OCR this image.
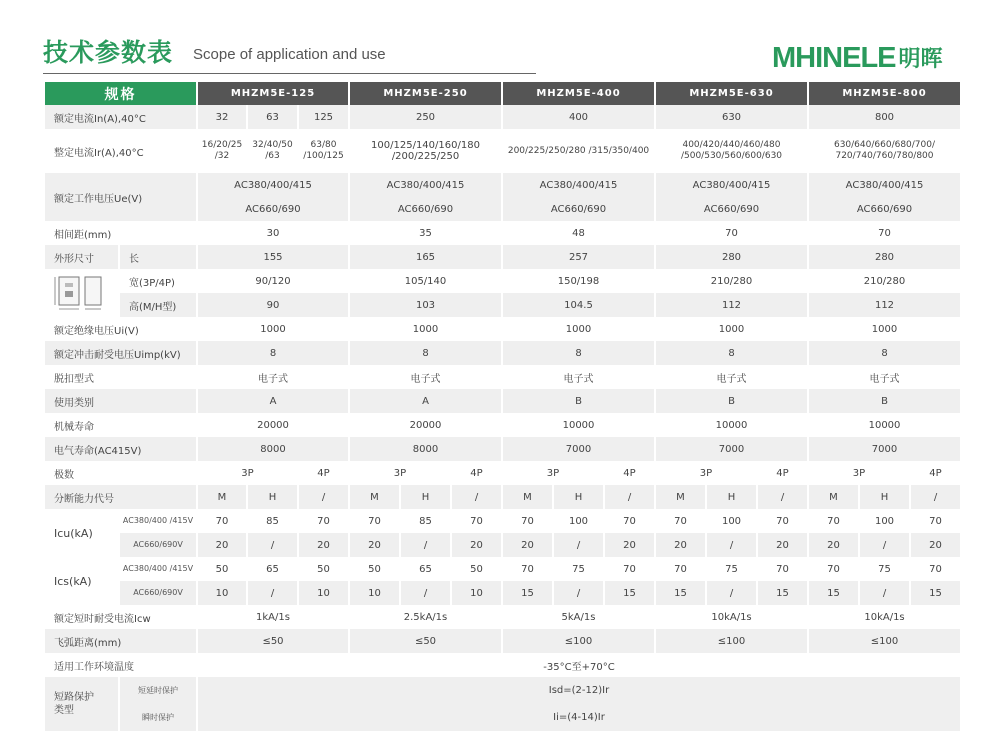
技术参数表 Scope of application and use	MHINELE 明晖
规格		MHZM5E-125			MHZM5E-250			MHZM5E-400			MHZM5E-630			MHZM5E-800		
额定电流In(A),40°C		32	63	125	250			400			630			800		
整定电流Ir(A),40°C		16/20/25 /32	32/40/50 /63	63/80 /100/125	100/125/140/160/180 /200/225/250			200/225/250/280 /315/350/400			400/420/440/460/480 /500/530/560/600/630			630/640/660/680/700/ 720/740/760/780/800		
额定工作电压Ue(V)		AC380/400/415			AC380/400/415			AC380/400/415			AC380/400/415			AC380/400/415		
		AC660/690			AC660/690			AC660/690			AC660/690			AC660/690		
相间距(mm)		30			35			48			70			70		
外形尺寸	长	155			165			257			280			280		

	宽(3P/4P)	90/120			105/140			150/198			210/280			210/280		
	高(M/H型)	90			103			104.5			112			112		
额定绝缘电压Ui(V)		1000			1000			1000			1000			1000		
额定冲击耐受电压Uimp(kV)		8			8			8			8			8		
脱扣型式		电子式			电子式			电子式			电子式			电子式		
使用类别		A			A			B			B			B		
机械寿命		20000			20000			10000			10000			10000		
电气寿命(AC415V)		8000			8000			7000			7000			7000		
极数		3P		4P	3P		4P	3P		4P	3P		4P	3P		4P
分断能力代号		M	H	/	M	H	/	M	H	/	M	H	/	M	H	/
Icu(kA)	AC380/400 /415V	70	85	70	70	85	70	70	100	70	70	100	70	70	100	70
	AC660/690V	20	/	20	20	/	20	20	/	20	20	/	20	20	/	20
Ics(kA)	AC380/400 /415V	50	65	50	50	65	50	70	75	70	70	75	70	70	75	70
	AC660/690V	10	/	10	10	/	10	15	/	15	15	/	15	15	/	15
额定短时耐受电流Icw		1kA/1s			2.5kA/1s			5kA/1s			10kA/1s			10kA/1s		
飞弧距离(mm)		≤50			≤50			≤100			≤100			≤100		
适用工作环境温度		-35°C至+70°C														
短路保护 类型	短延时保护	Isd=(2-12)Ir														
	瞬时保护	Ii=(4-14)Ir														
